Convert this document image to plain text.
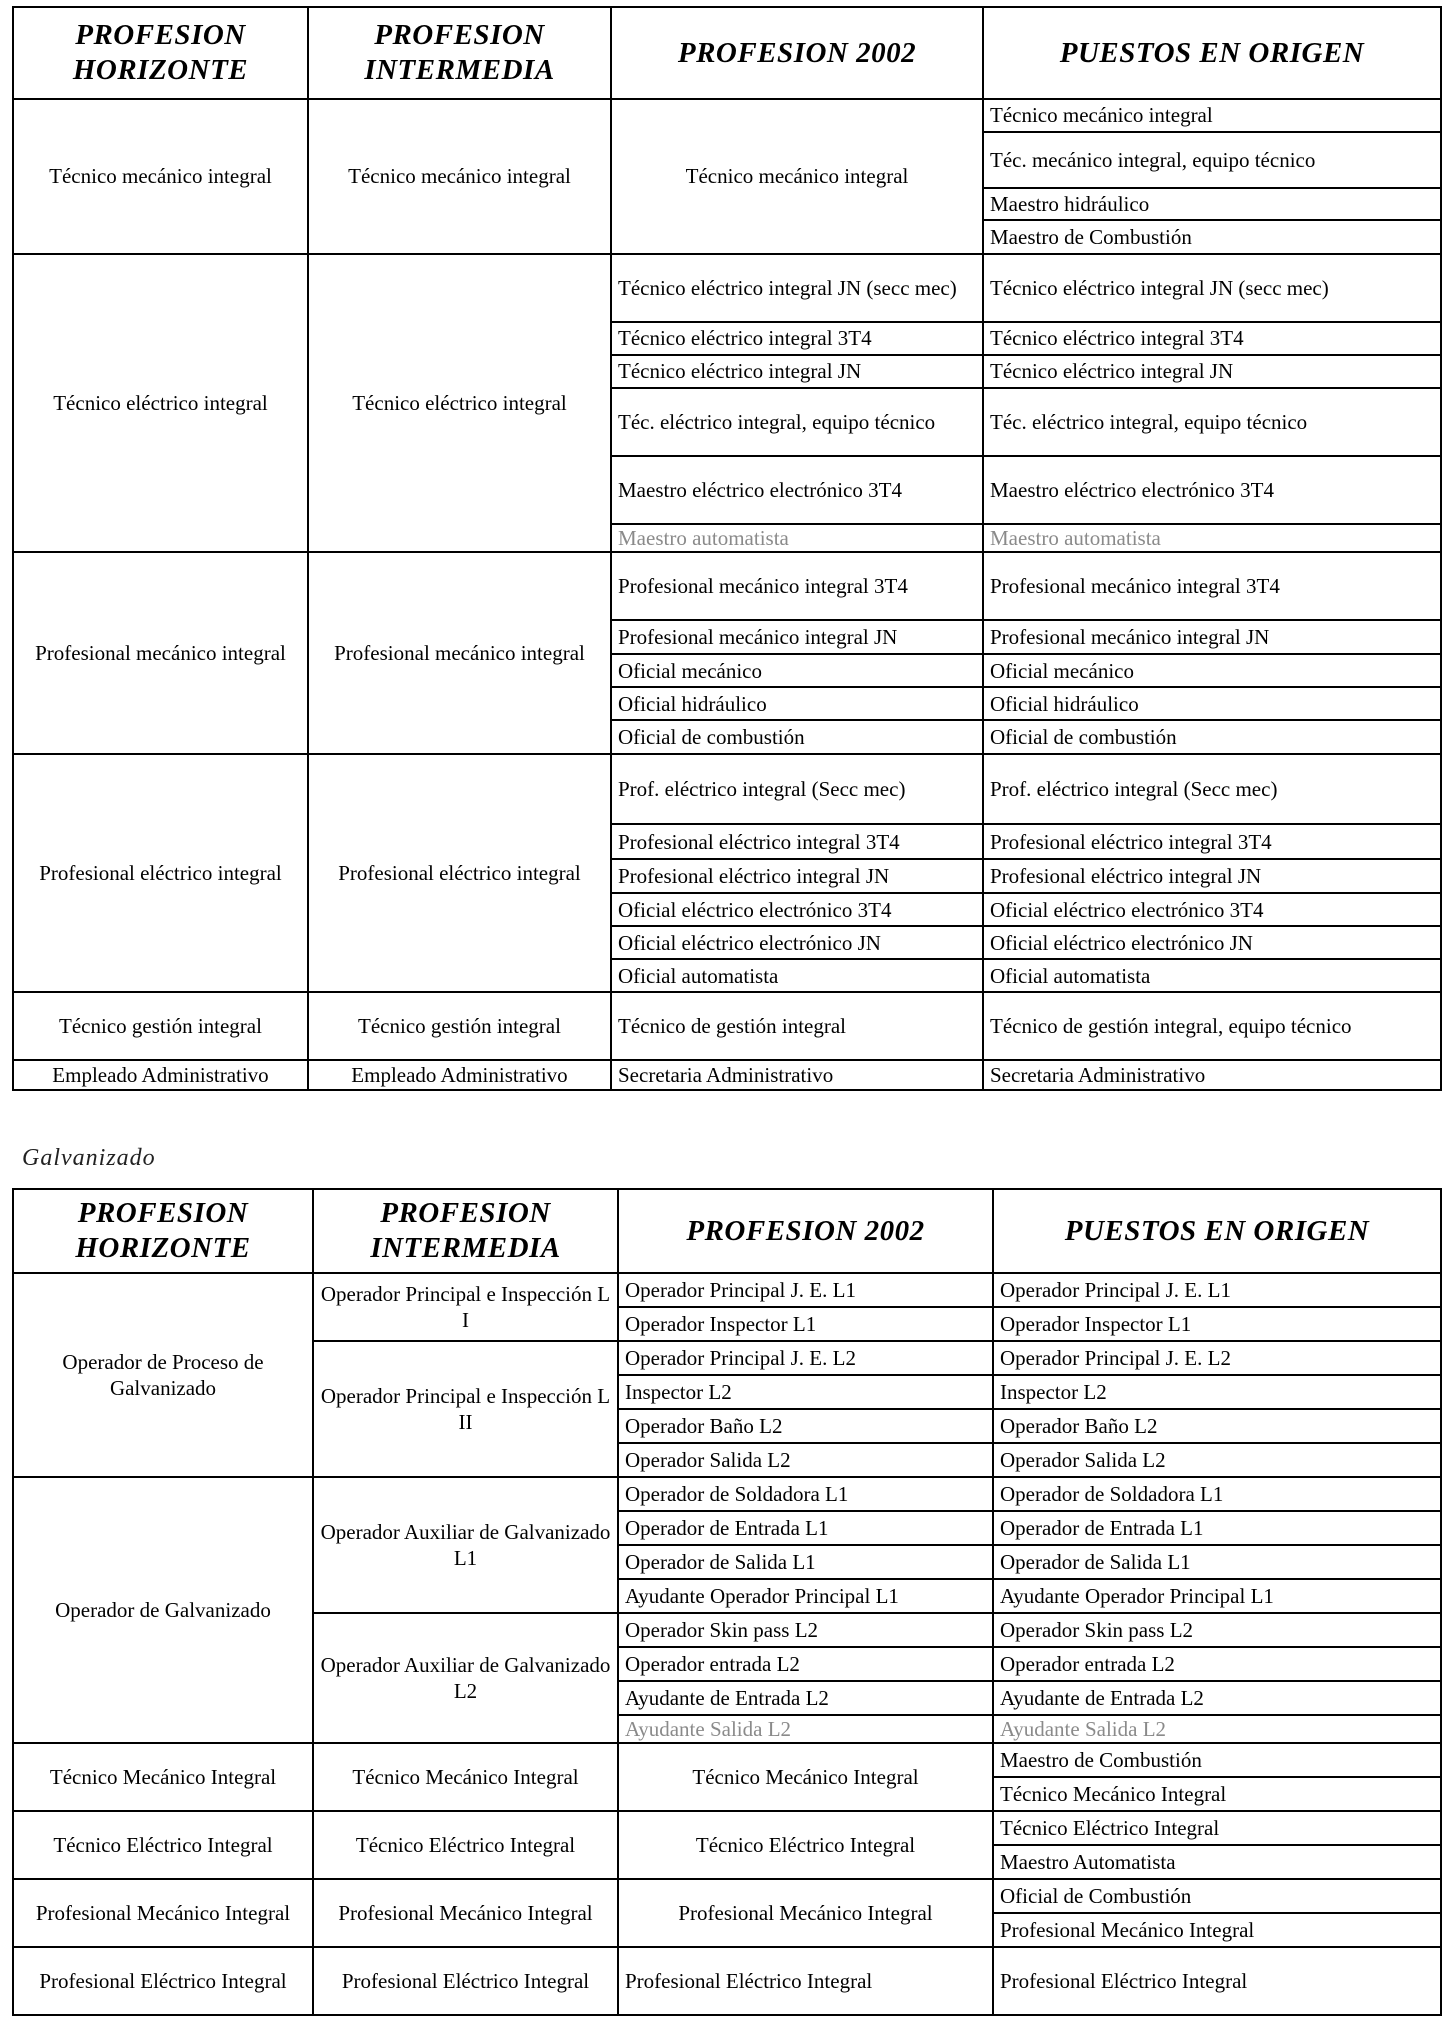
PROFESION HORIZONTE	PROFESION INTERMEDIA	PROFESION 2002	PUESTOS EN ORIGEN
Técnico mecánico integral	Técnico mecánico integral	Técnico mecánico integral	Técnico mecánico integral
			Téc. mecánico integral, equipo técnico
			Maestro hidráulico
			Maestro de Combustión
Técnico eléctrico integral	Técnico eléctrico integral	Técnico eléctrico integral JN (secc mec)	Técnico eléctrico integral JN (secc mec)
		Técnico eléctrico integral 3T4	Técnico eléctrico integral 3T4
		Técnico eléctrico integral JN	Técnico eléctrico integral JN
		Téc. eléctrico integral, equipo técnico	Téc. eléctrico integral, equipo técnico
		Maestro eléctrico electrónico 3T4	Maestro eléctrico electrónico 3T4
		Maestro automatista	Maestro automatista
Profesional mecánico integral	Profesional mecánico integral	Profesional mecánico integral 3T4	Profesional mecánico integral 3T4
		Profesional mecánico integral JN	Profesional mecánico integral JN
		Oficial mecánico	Oficial mecánico
		Oficial hidráulico	Oficial hidráulico
		Oficial de combustión	Oficial de combustión
Profesional eléctrico integral	Profesional eléctrico integral	Prof. eléctrico integral (Secc mec)	Prof. eléctrico integral (Secc mec)
		Profesional eléctrico integral 3T4	Profesional eléctrico integral 3T4
		Profesional eléctrico integral JN	Profesional eléctrico integral JN
		Oficial eléctrico electrónico 3T4	Oficial eléctrico electrónico 3T4
		Oficial eléctrico electrónico JN	Oficial eléctrico electrónico JN
		Oficial automatista	Oficial automatista
Técnico gestión integral	Técnico gestión integral	Técnico de gestión integral	Técnico de gestión integral, equipo técnico
Empleado Administrativo	Empleado Administrativo	Secretaria Administrativo	Secretaria Administrativo
Galvanizado
PROFESION HORIZONTE	PROFESION INTERMEDIA	PROFESION 2002	PUESTOS EN ORIGEN
Operador de Proceso de Galvanizado	Operador Principal e Inspección L I	Operador Principal J. E. L1	Operador Principal J. E. L1
		Operador Inspector L1	Operador Inspector L1
	Operador Principal e Inspección L II	Operador Principal J. E. L2	Operador Principal J. E. L2
		Inspector L2	Inspector L2
		Operador Baño L2	Operador Baño L2
		Operador Salida L2	Operador Salida L2
Operador de Galvanizado	Operador Auxiliar de Galvanizado L1	Operador de Soldadora L1	Operador de Soldadora L1
		Operador de Entrada L1	Operador de Entrada L1
		Operador de Salida L1	Operador de Salida L1
		Ayudante Operador Principal L1	Ayudante Operador Principal L1
	Operador Auxiliar de Galvanizado L2	Operador Skin pass L2	Operador Skin pass L2
		Operador entrada L2	Operador entrada L2
		Ayudante de Entrada L2	Ayudante de Entrada L2
		Ayudante Salida L2	Ayudante Salida L2
Técnico Mecánico Integral	Técnico Mecánico Integral	Técnico Mecánico Integral	Maestro de Combustión
			Técnico Mecánico Integral
Técnico Eléctrico Integral	Técnico Eléctrico Integral	Técnico Eléctrico Integral	Técnico Eléctrico Integral
			Maestro Automatista
Profesional Mecánico Integral	Profesional Mecánico Integral	Profesional Mecánico Integral	Oficial de Combustión
			Profesional Mecánico Integral
Profesional Eléctrico Integral	Profesional Eléctrico Integral	Profesional Eléctrico Integral	Profesional Eléctrico Integral
